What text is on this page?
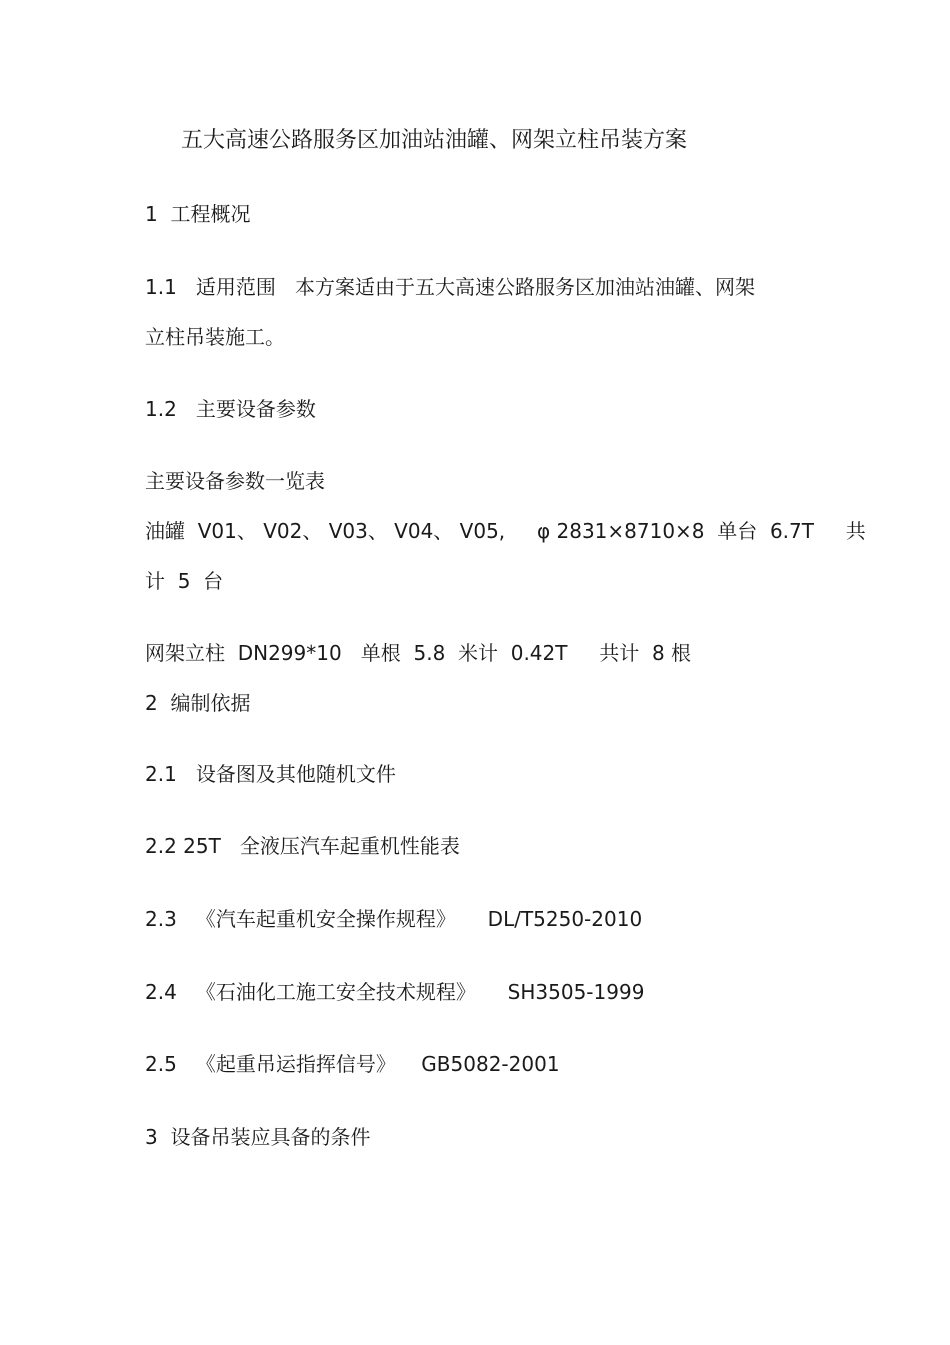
五大高速公路服务区加油站油罐、网架立柱吊装方案
1  工程概况
1.1   适用范围   本方案适由于五大高速公路服务区加油站油罐、网架
立柱吊装施工。
1.2   主要设备参数
主要设备参数一览表
油罐  V01、 V02、 V03、 V04、 V05,     φ 2831×8710×8  单台  6.7T     共
计  5  台
网架立柱  DN299*10   单根  5.8  米计  0.42T     共计  8 根
2  编制依据
2.1   设备图及其他随机文件
2.2 25T   全液压汽车起重机性能表
2.3   《汽车起重机安全操作规程》     DL/T5250-2010
2.4   《石油化工施工安全技术规程》     SH3505-1999
2.5   《起重吊运指挥信号》    GB5082-2001
3  设备吊装应具备的条件
